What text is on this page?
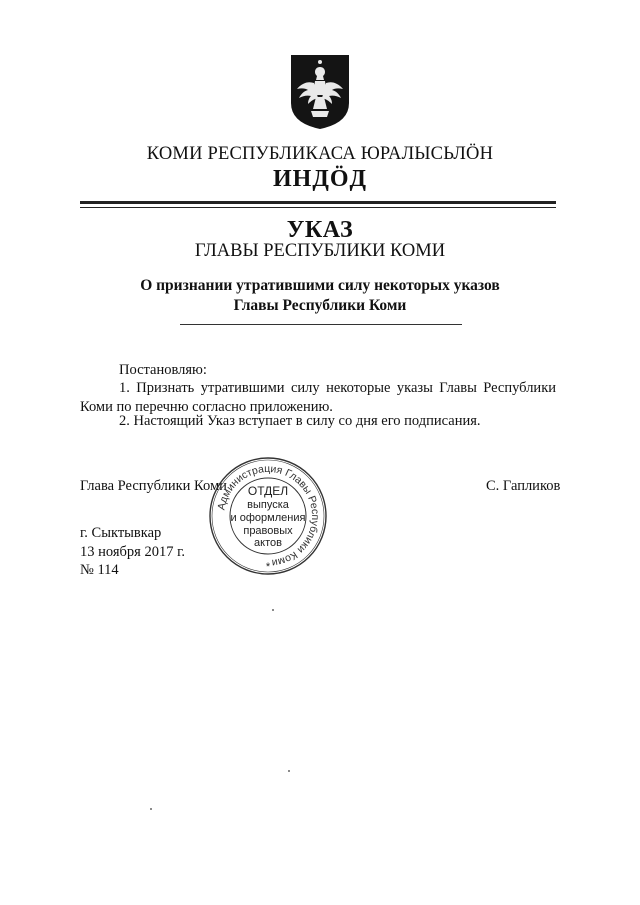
КОМИ РЕСПУБЛИКАСА ЮРАЛЫСЬЛӦН
ИНДӦД
УКАЗ
ГЛАВЫ РЕСПУБЛИКИ КОМИ
О признании утратившими силу некоторых указов
Главы Республики Коми
Постановляю:
1. Признать утратившими силу некоторые указы Главы Республики Коми по перечню согласно приложению.
2. Настоящий Указ вступает в силу со дня его подписания.
Глава Республики Коми	С. Гапликов
г. Сыктывкар
13 ноября 2017 г.
№ 114
Администрация Главы Республики Коми
ОТДЕЛ
выпуска
и оформления
правовых
актов
*
